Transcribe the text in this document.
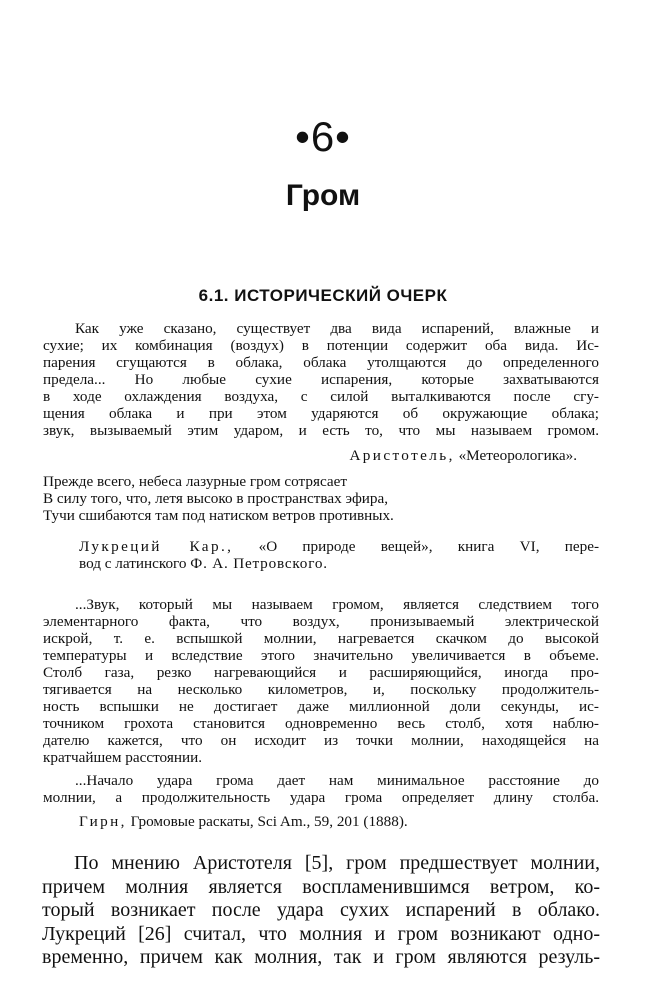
•6•
Гром
6.1. ИСТОРИЧЕСКИЙ ОЧЕРК
Как уже сказано, существует два вида испарений, влажные и
сухие; их комбинация (воздух) в потенции содержит оба вида. Ис-
парения сгущаются в облака, облака утолщаются до определенного
предела... Но любые сухие испарения, которые захватываются
в ходе охлаждения воздуха, с силой выталкиваются после сгу-
щения облака и при этом ударяются об окружающие облака;
звук, вызываемый этим ударом, и есть то, что мы называем громом.
Аристотель, «Метеорологика».
Прежде всего, небеса лазурные гром сотрясает
В силу того, что, летя высоко в пространствах эфира,
Тучи сшибаются там под натиском ветров противных.
Лукреций Кар., «О природе вещей», книга VI, пере-
вод с латинского Ф. А. Петровского.
...Звук, который мы называем громом, является следствием того
элементарного факта, что воздух, пронизываемый электрической
искрой, т. е. вспышкой молнии, нагревается скачком до высокой
температуры и вследствие этого значительно увеличивается в объеме.
Столб газа, резко нагревающийся и расширяющийся, иногда про-
тягивается на несколько километров, и, поскольку продолжитель-
ность вспышки не достигает даже миллионной доли секунды, ис-
точником грохота становится одновременно весь столб, хотя наблю-
дателю кажется, что он исходит из точки молнии, находящейся на
кратчайшем расстоянии.
...Начало удара грома дает нам минимальное расстояние до
молнии, а продолжительность удара грома определяет длину столба.
Гирн, Громовые раскаты, Sci Am., 59, 201 (1888).
По мнению Аристотеля [5], гром предшествует молнии,
причем молния является воспламенившимся ветром, ко-
торый возникает после удара сухих испарений в облако.
Лукреций [26] считал, что молния и гром возникают одно-
временно, причем как молния, так и гром являются резуль-
